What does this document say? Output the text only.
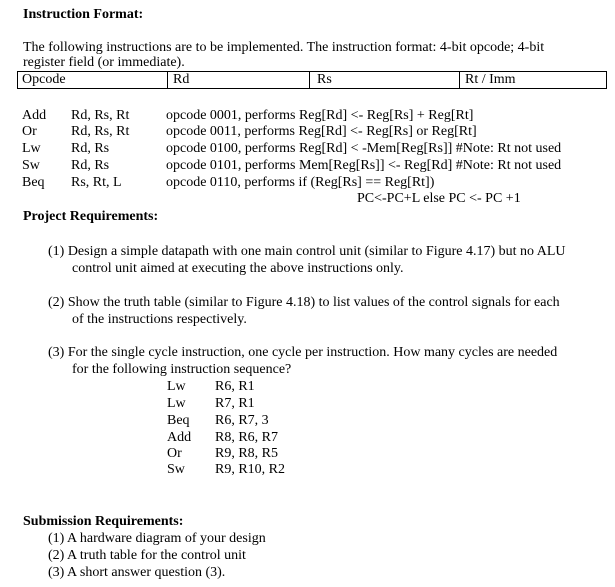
Instruction Format:
The following instructions are to be implemented. The instruction format: 4-bit opcode; 4-bit
register field (or immediate).
Opcode	Rd	Rs	Rt / Imm
Add Rd, Rs, Rt	opcode 0001, performs Reg[Rd] <- Reg[Rs] + Reg[Rt]
Or Rd, Rs, Rt	opcode 0011, performs Reg[Rd] <- Reg[Rs] or Reg[Rt]
Lw Rd, Rs	opcode 0100, performs Reg[Rd] < -Mem[Reg[Rs]] #Note: Rt not used
Sw Rd, Rs	opcode 0101, performs Mem[Reg[Rs]] <- Reg[Rd] #Note: Rt not used
Beq Rs, Rt, L	opcode 0110, performs if (Reg[Rs] == Reg[Rt])
PC<-PC+L else PC <- PC +1
Project Requirements:
(1) Design a simple datapath with one main control unit (similar to Figure 4.17) but no ALU
control unit aimed at executing the above instructions only.
(2) Show the truth table (similar to Figure 4.18) to list values of the control signals for each
of the instructions respectively.
(3) For the single cycle instruction, one cycle per instruction. How many cycles are needed
for the following instruction sequence?
Lw R6, R1
Lw R7, R1
Beq R6, R7, 3
Add R8, R6, R7
Or R9, R8, R5
Sw R9, R10, R2
Submission Requirements:
(1) A hardware diagram of your design
(2) A truth table for the control unit
(3) A short answer question (3).
